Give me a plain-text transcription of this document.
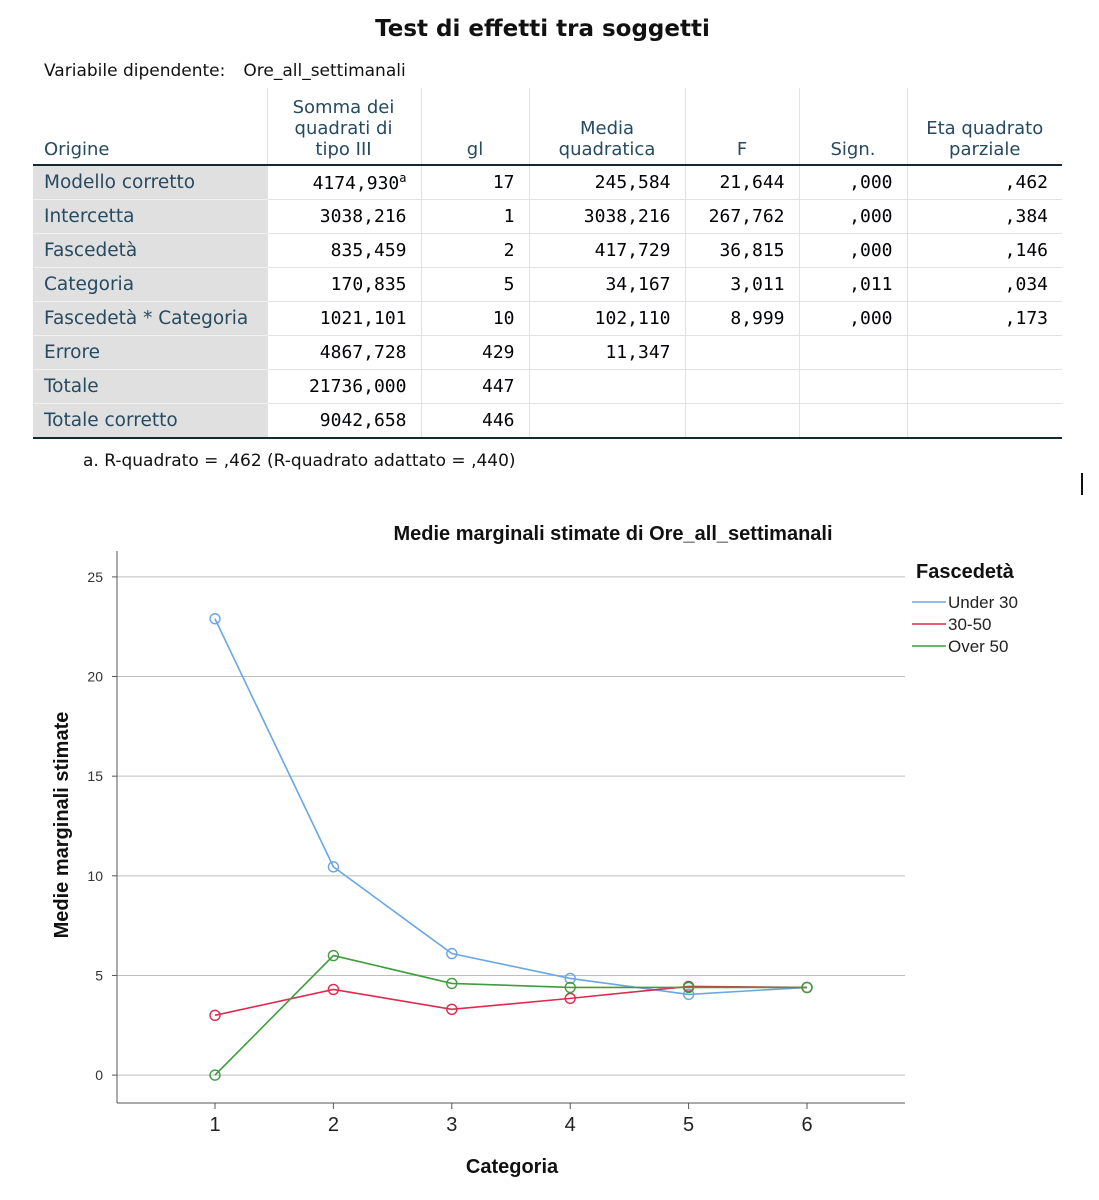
Test di effetti tra soggetti
Variabile dipendente: Ore_all_settimanali
Origine	Somma dei quadrati di tipo III	gl	Media quadratica	F	Sign.	Eta quadrato parziale

Modello corretto	4174,930$^a$	17	245,584	21,644	,000	,462
Intercetta	3038,216	1	3038,216	267,762	,000	,384
Fascedetà	835,459	2	417,729	36,815	,000	,146
Categoria	170,835	5	34,167	3,011	,011	,034
Fascedetà * Categoria	1021,101	10	102,110	8,999	,000	,173
Errore	4867,728	429	11,347			
Totale	21736,000	447				
Totale corretto	9042,658	446				
a. R-quadrato = ,462 (R-quadrato adattato = ,440)
0
5
10
15
20
25
1	2	3	4	5	6
Medie marginali stimate di Ore_all_settimanali
Categoria
Medie marginali stimate
Fascedetà
Under 30
30-50
Over 50
